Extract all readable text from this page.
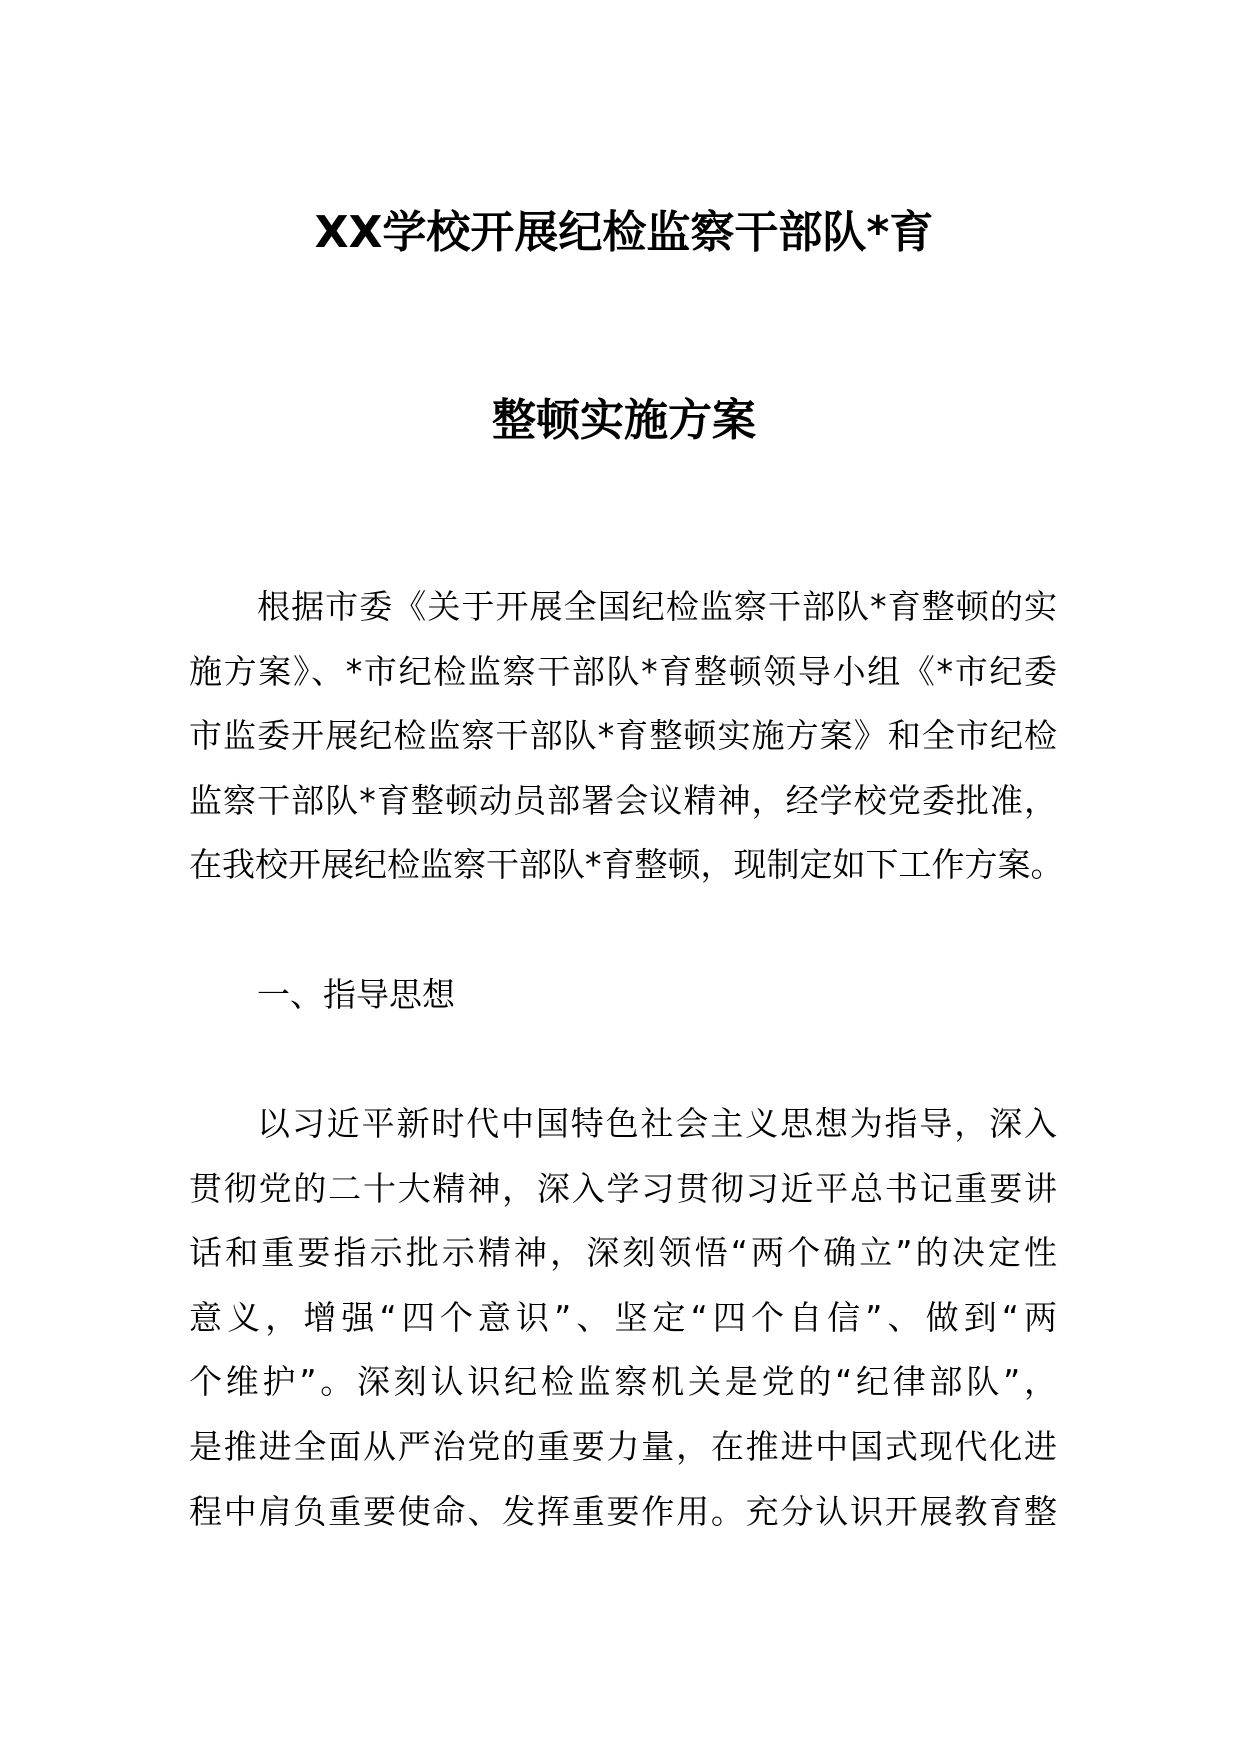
XX学校开展纪检监察干部队*育
整顿实施方案
根据市委《关于开展全国纪检监察干部队*育整顿的实
施方案》、*市纪检监察干部队*育整顿领导小组《*市纪委
市监委开展纪检监察干部队*育整顿实施方案》和全市纪检
监察干部队*育整顿动员部署会议精神，经学校党委批准，
在我校开展纪检监察干部队*育整顿，现制定如下工作方案。
一、指导思想
以习近平新时代中国特色社会主义思想为指导，深入
贯彻党的二十大精神，深入学习贯彻习近平总书记重要讲
话和重要指示批示精神，深刻领悟“两个确立”的决定性
意义，增强“四个意识”、坚定“四个自信”、做到“两
个维护”。深刻认识纪检监察机关是党的“纪律部队”，
是推进全面从严治党的重要力量，在推进中国式现代化进
程中肩负重要使命、发挥重要作用。充分认识开展教育整
